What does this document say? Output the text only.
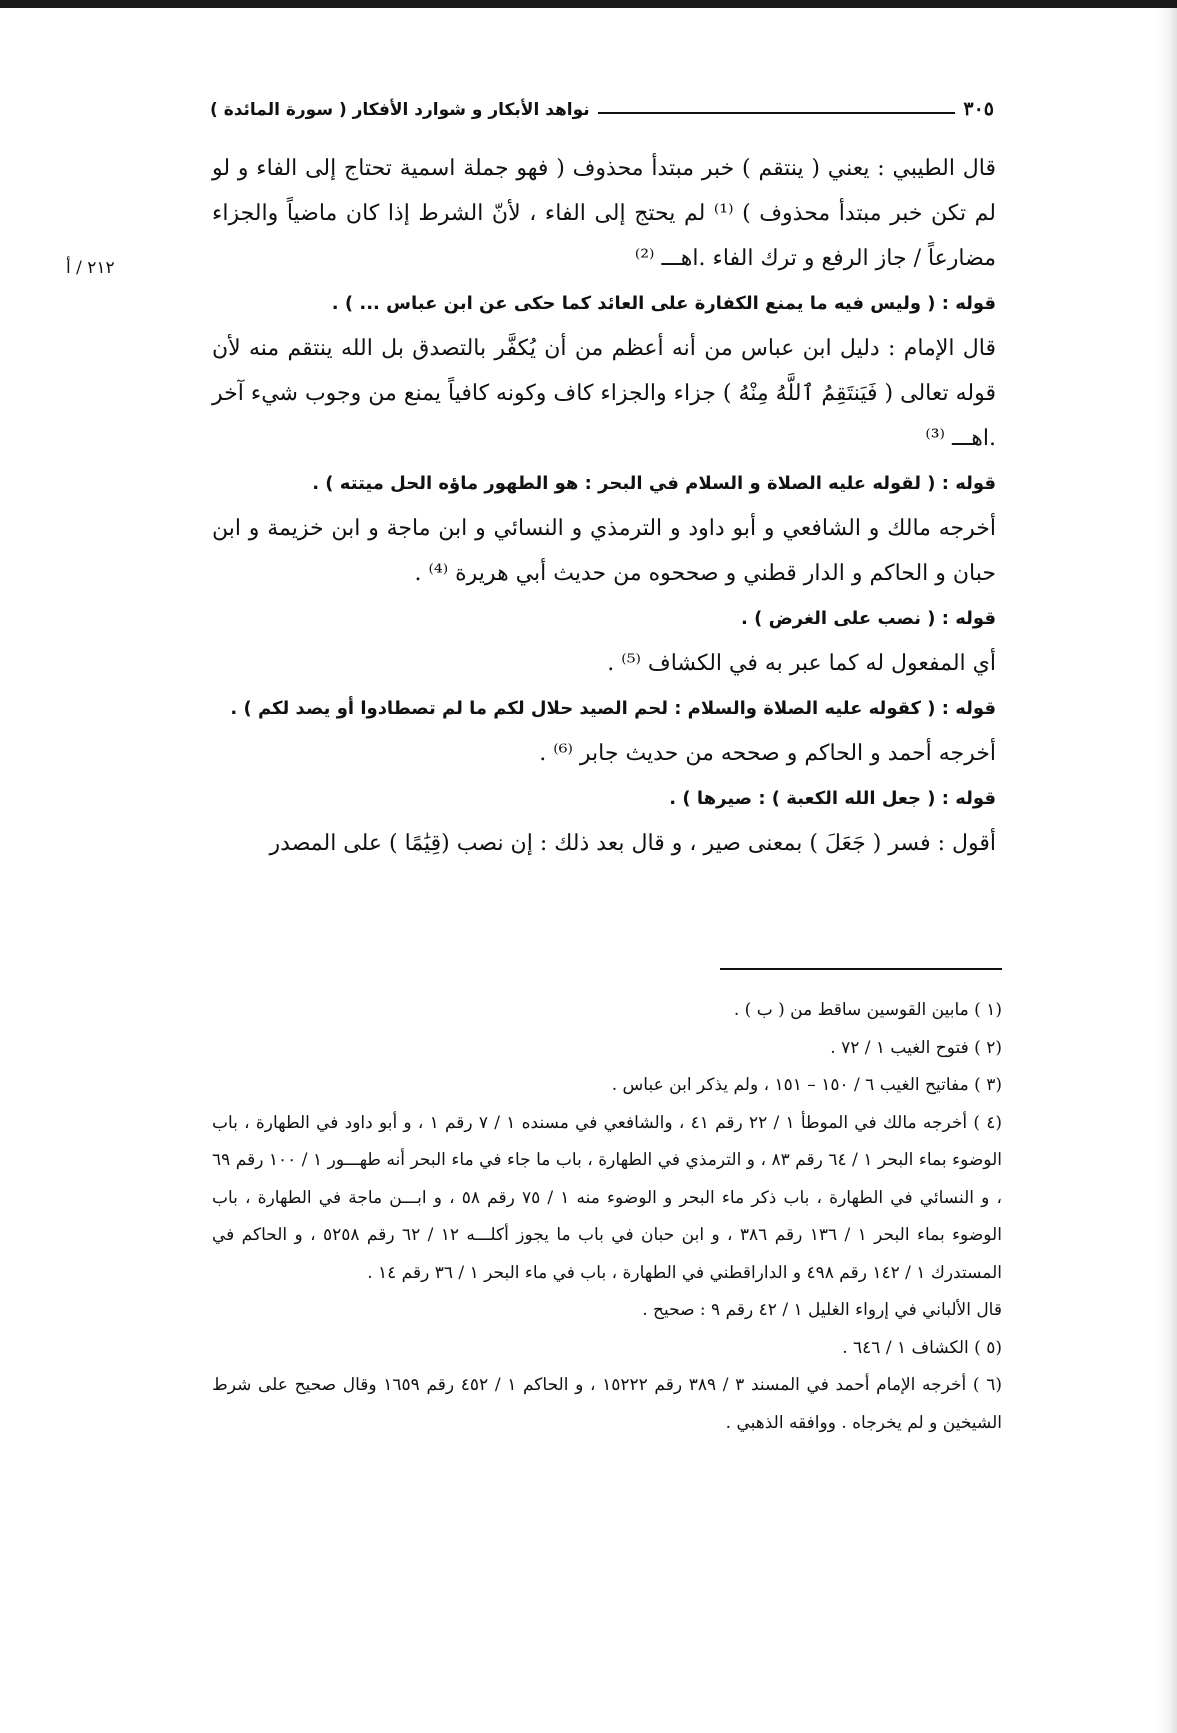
نواهد الأبكار و شوارد الأفكار ( سورة المائدة )	٣٠٥
٢١٢ / أ

قال الطيبي : يعني ( ينتقم ) خبر مبتدأ محذوف ( فهو جملة اسمية تحتاج إلى الفاء و لو لم تكن خبر مبتدأ محذوف ) ⁽¹⁾ لم يحتج إلى الفاء ، لأنّ الشرط إذا كان ماضياً والجزاء مضارعاً / جاز الرفع و ترك الفاء .اهـــ ⁽²⁾

قوله : ( وليس فيه ما يمنع الكفارة على العائد كما حكى عن ابن عباس ... ) .

قال الإمام : دليل ابن عباس من أنه أعظم من أن يُكفَّر بالتصدق بل الله ينتقم منه لأن قوله تعالى ( فَيَنتَقِمُ ٱللَّهُ مِنْهُ ) جزاء والجزاء كاف وكونه كافياً يمنع من وجوب شيء آخر .اهـــ ⁽³⁾

قوله : ( لقوله عليه الصلاة و السلام في البحر : هو الطهور ماؤه الحل ميتته ) .

أخرجه مالك و الشافعي و أبو داود و الترمذي و النسائي و ابن ماجة و ابن خزيمة و ابن حبان و الحاكم و الدار قطني و صححوه من حديث أبي هريرة ⁽⁴⁾ .

قوله : ( نصب على الغرض ) .

أي المفعول له كما عبر به في الكشاف ⁽⁵⁾ .

قوله : ( كقوله عليه الصلاة والسلام : لحم الصيد حلال لكم ما لم تصطادوا أو يصد لكم ) .

أخرجه أحمد و الحاكم و صححه من حديث جابر ⁽⁶⁾ .

قوله : ( جعل الله الكعبة ) : صيرها ) .

أقول : فسر ( جَعَلَ ) بمعنى صير ، و قال بعد ذلك : إن نصب (قِيَٰمًا ) على المصدر

(١ ) مابين القوسين ساقط من ( ب ) .

(٢ ) فتوح الغيب ١ / ٧٢ .

(٣ ) مفاتيح الغيب ٦ / ١٥٠ – ١٥١ ، ولم يذكر ابن عباس .

(٤ ) أخرجه مالك في الموطأ ١ / ٢٢ رقم ٤١ ، والشافعي في مسنده ١ / ٧ رقم ١ ، و أبو داود في الطهارة ، باب الوضوء بماء البحر ١ / ٦٤ رقم ٨٣ ، و الترمذي في الطهارة ، باب ما جاء في ماء البحر أنه طهـــور ١ / ١٠٠ رقم ٦٩ ، و النسائي في الطهارة ، باب ذكر ماء البحر و الوضوء منه ١ / ٧٥ رقم ٥٨ ، و ابـــن ماجة في الطهارة ، باب الوضوء بماء البحر ١ / ١٣٦ رقم ٣٨٦ ، و ابن حبان في باب ما يجوز أكلـــه ١٢ / ٦٢ رقم ٥٢٥٨ ، و الحاكم في المستدرك ١ / ١٤٢ رقم ٤٩٨ و الداراقطني في الطهارة ، باب في ماء البحر ١ / ٣٦ رقم ١٤ .

قال الألباني في إرواء الغليل ١ / ٤٢ رقم ٩ : صحيح .

(٥ ) الكشاف ١ / ٦٤٦ .

(٦ ) أخرجه الإمام أحمد في المسند ٣ / ٣٨٩ رقم ١٥٢٢٢ ، و الحاكم ١ / ٤٥٢ رقم ١٦٥٩ وقال صحيح على شرط الشيخين و لم يخرجاه . ووافقه الذهبي .
